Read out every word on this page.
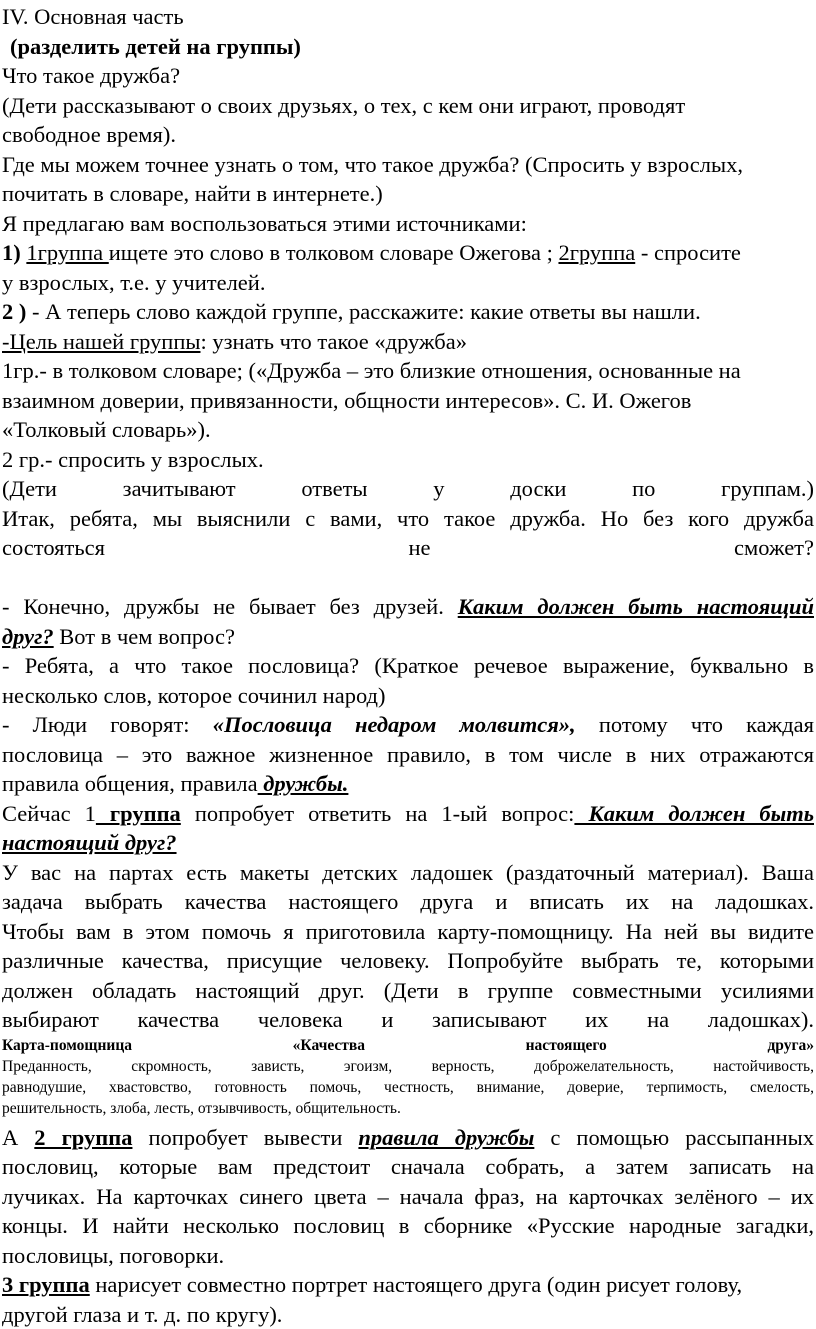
IV. Основная часть
(разделить детей на группы)
Что такое дружба?
(Дети рассказывают о своих друзьях, о тех, с кем они играют, проводят
свободное время).
Где мы можем точнее узнать о том, что такое дружба? (Спросить у взрослых,
почитать в словаре, найти в интернете.)
Я предлагаю вам воспользоваться этими источниками:
1) 1группа ищете это слово в толковом словаре Ожегова ; 2группа - спросите
у взрослых, т.е. у учителей.
2 ) - А теперь слово каждой группе, расскажите: какие ответы вы нашли.
-Цель нашей группы: узнать что такое «дружба»
1гр.- в толковом словаре; («Дружба – это близкие отношения, основанные на
взаимном доверии, привязанности, общности интересов». С. И. Ожегов
«Толковый словарь»).
2 гр.- спросить у взрослых.
(Дети зачитывают ответы у доски по группам.)
Итак, ребята, мы выяснили с вами, что такое дружба. Но без кого дружба
состояться не сможет?
- Конечно, дружбы не бывает без друзей. Каким должен быть настоящий
друг? Вот в чем вопрос?
- Ребята, а что такое пословица? (Краткое речевое выражение, буквально в
несколько слов, которое сочинил народ)
- Люди говорят: «Пословица недаром молвится», потому что каждая
пословица – это важное жизненное правило, в том числе в них отражаются
правила общения, правила дружбы.
Сейчас 1 группа попробует ответить на 1-ый вопрос: Каким должен быть
настоящий друг?
У вас на партах есть макеты детских ладошек (раздаточный материал). Ваша
задача выбрать качества настоящего друга и вписать их на ладошках.
Чтобы вам в этом помочь я приготовила карту-помощницу. На ней вы видите
различные качества, присущие человеку. Попробуйте выбрать те, которыми
должен обладать настоящий друг. (Дети в группе совместными усилиями
выбирают качества человека и записывают их на ладошках).
Карта-помощница «Качества настоящего друга»
Преданность, скромность, зависть, эгоизм, верность, доброжелательность, настойчивость,
равнодушие, хвастовство, готовность помочь, честность, внимание, доверие, терпимость, смелость,
решительность, злоба, лесть, отзывчивость, общительность.
А 2 группа попробует вывести правила дружбы с помощью рассыпанных
пословиц, которые вам предстоит сначала собрать, а затем записать на
лучиках. На карточках синего цвета – начала фраз, на карточках зелёного – их
концы. И найти несколько пословиц в сборнике «Русские народные загадки,
пословицы, поговорки.
3 группа нарисует совместно портрет настоящего друга (один рисует голову,
другой глаза и т. д. по кругу).
